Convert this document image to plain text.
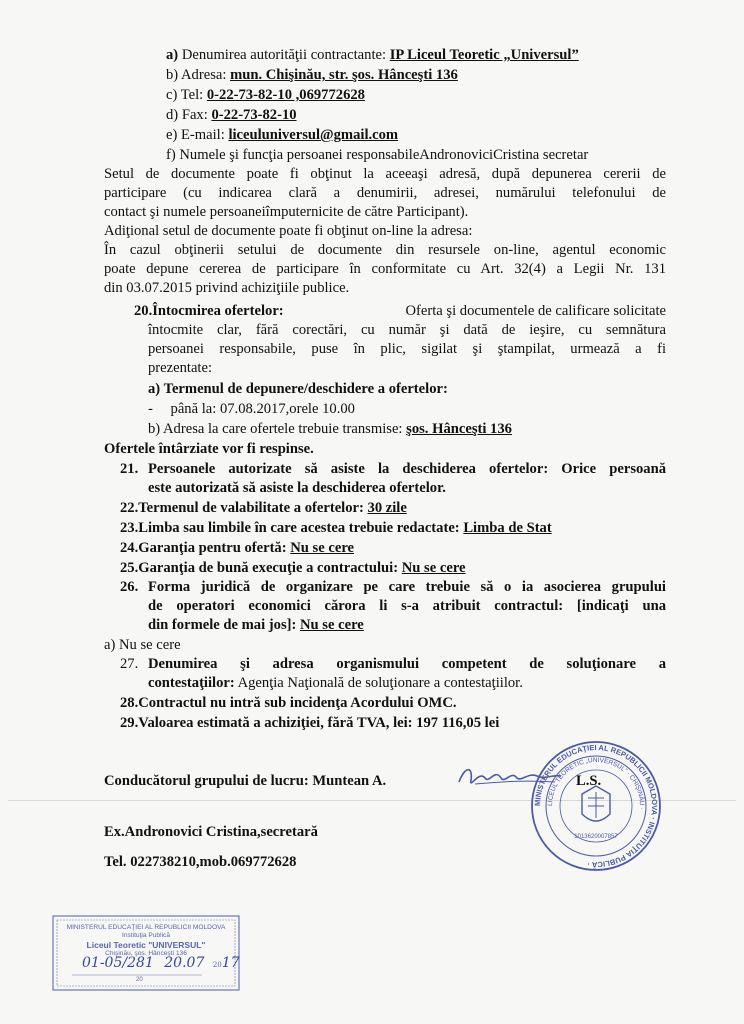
a) Denumirea autorităţii contractante: IP Liceul Teoretic „Universul”
b) Adresa: mun. Chişinău, str. şos. Hânceşti 136
c) Tel: 0-22-73-82-10 ,069772628
d) Fax: 0-22-73-82-10
e) E-mail: liceuluniversul@gmail.com
f) Numele şi funcţia persoanei responsabileAndronoviciCristina secretar
Setul de documente poate fi obţinut la aceeaşi adresă, după depunerea cererii de
participare (cu indicarea clară a denumirii, adresei, numărului telefonului de
contact şi numele persoaneiîmputernicite de către Participant).
Adiţional setul de documente poate fi obţinut on-line la adresa:
În cazul obţinerii setului de documente din resursele on-line, agentul economic
poate depune cererea de participare în conformitate cu Art. 32(4) a Legii Nr. 131
din 03.07.2015 privind achiziţiile publice.
20.Întocmirea ofertelor:	Oferta şi documentele de calificare solicitate
întocmite clar, fără corectări, cu număr şi dată de ieşire, cu semnătura
persoanei responsabile, puse în plic, sigilat şi ştampilat, urmează a fi
prezentate:
a) Termenul de depunere/deschidere a ofertelor:
- până la: 07.08.2017,orele 10.00
b) Adresa la care ofertele trebuie transmise: şos. Hânceşti 136
Ofertele întârziate vor fi respinse.
21. Persoanele autorizate să asiste la deschiderea ofertelor: Orice persoană
este autorizată să asiste la deschiderea ofertelor.
22.Termenul de valabilitate a ofertelor: 30 zile
23.Limba sau limbile în care acestea trebuie redactate: Limba de Stat
24.Garanţia pentru ofertă: Nu se cere
25.Garanţia de bună execuţie a contractului: Nu se cere
26. Forma juridică de organizare pe care trebuie să o ia asocierea grupului
de operatori economici cărora li s-a atribuit contractul: [indicaţi una
din formele de mai jos]: Nu se cere
a) Nu se cere
27. Denumirea şi adresa organismului competent de soluţionare a
contestaţiilor: Agenţia Naţională de soluţionare a contestaţiilor.
28.Contractul nu intră sub incidenţa Acordului OMC.
29.Valoarea estimată a achiziţiei, fără TVA, lei: 197 116,05 lei
Conducătorul grupului de lucru: Muntean A.	L.S.
Ex.Andronovici Cristina,secretară
Tel. 022738210,mob.069772628
MINISTERUL EDUCAŢIEI AL REPUBLICII MOLDOVA · INSTITUŢIA PUBLICĂ ·
LICEUL TEORETIC „UNIVERSUL” · CHIŞINĂU ·
1013620007857
MINISTERUL EDUCAŢIEI AL REPUBLICII MOLDOVA
Instituţia Publică
Liceul Teoretic "UNIVERSUL"
Chişinău, şos. Hânceşti 136
01-05/281 20.07 2017
20
